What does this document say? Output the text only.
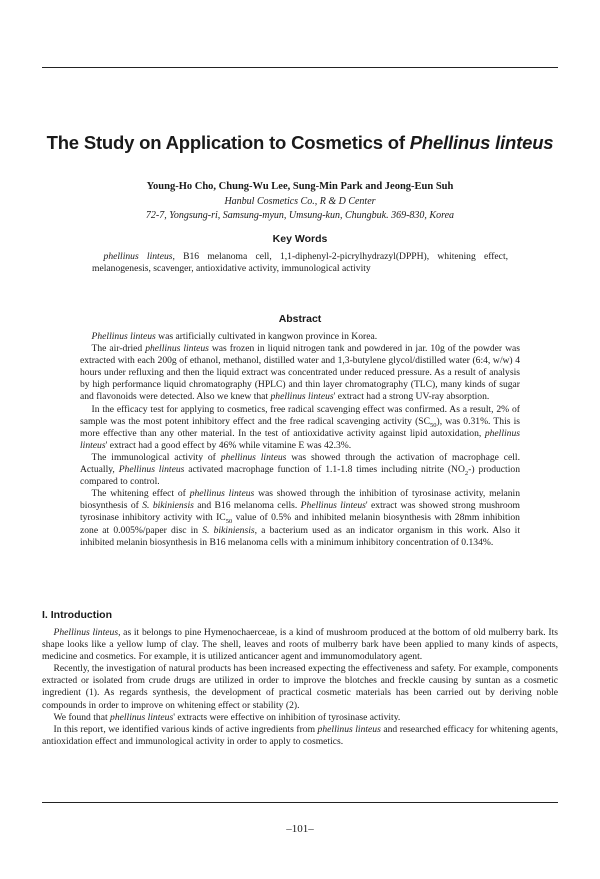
The Study on Application to Cosmetics of Phellinus linteus
Young-Ho Cho, Chung-Wu Lee, Sung-Min Park and Jeong-Eun Suh
Hanbul Cosmetics Co., R & D Center
72-7, Yongsung-ri, Samsung-myun, Umsung-kun, Chungbuk. 369-830, Korea
Key Words
phellinus linteus, B16 melanoma cell, 1,1-diphenyl-2-picrylhydrazyl(DPPH), whitening effect, melanogenesis, scavenger, antioxidative activity, immunological activity
Abstract

Phellinus linteus was artificially cultivated in kangwon province in Korea.

The air-dried phellinus linteus was frozen in liquid nitrogen tank and powdered in jar. 10g of the powder was extracted with each 200g of ethanol, methanol, distilled water and 1,3-butylene glycol/distilled water (6:4, w/w) 4 hours under refluxing and then the liquid extract was concentrated under reduced pressure. As a result of analysis by high performance liquid chromatography (HPLC) and thin layer chromatography (TLC), many kinds of sugar and flavonoids were detected. Also we knew that phellinus linteus' extract had a strong UV-ray absorption.

In the efficacy test for applying to cosmetics, free radical scavenging effect was confirmed. As a result, 2% of sample was the most potent inhibitory effect and the free radical scavenging activity $(SC_{50})$, was 0.31%. This is more effective than any other material. In the test of antioxidative activity against lipid autoxidation, phellinus linteus' extract had a good effect by 46% while vitamine E was 42.3%.

The immunological activity of phellinus linteus was showed through the activation of macrophage cell. Actually, Phellinus linteus activated macrophage function of 1.1-1.8 times including nitrite $(NO_2-)$ production compared to control.

The whitening effect of phellinus linteus was showed through the inhibition of tyrosinase activity, melanin biosynthesis of S. bikiniensis and B16 melanoma cells. Phellinus linteus' extract was showed strong mushroom tyrosinase inhibitory activity with $IC_{50}$ value of 0.5% and inhibited melanin biosynthesis with 28mm inhibition zone at 0.005%/paper disc in S. bikiniensis, a bacterium used as an indicator organism in this work. Also it inhibited melanin biosynthesis in B16 melanoma cells with a minimum inhibitory concentration of 0.134%.

I. Introduction

Phellinus linteus, as it belongs to pine Hymenochaerceae, is a kind of mushroom produced at the bottom of old mulberry bark. Its shape looks like a yellow lump of clay. The shell, leaves and roots of mulberry bark have been applied to many kinds of aspects, medicine and cosmetics. For example, it is utilized anticancer agent and immunomodulatory agent.

Recently, the investigation of natural products has been increased expecting the effectiveness and safety. For example, components extracted or isolated from crude drugs are utilized in order to improve the blotches and freckle causing by suntan as a cosmetic ingredient (1). As regards synthesis, the development of practical cosmetic materials has been carried out by deriving noble compounds in order to improve on whitening effect or stability (2).

We found that phellinus linteus' extracts were effective on inhibition of tyrosinase activity.

In this report, we identified various kinds of active ingredients from phellinus linteus and researched efficacy for whitening agents, antioxidation effect and immunological activity in order to apply to cosmetics.

–101–
